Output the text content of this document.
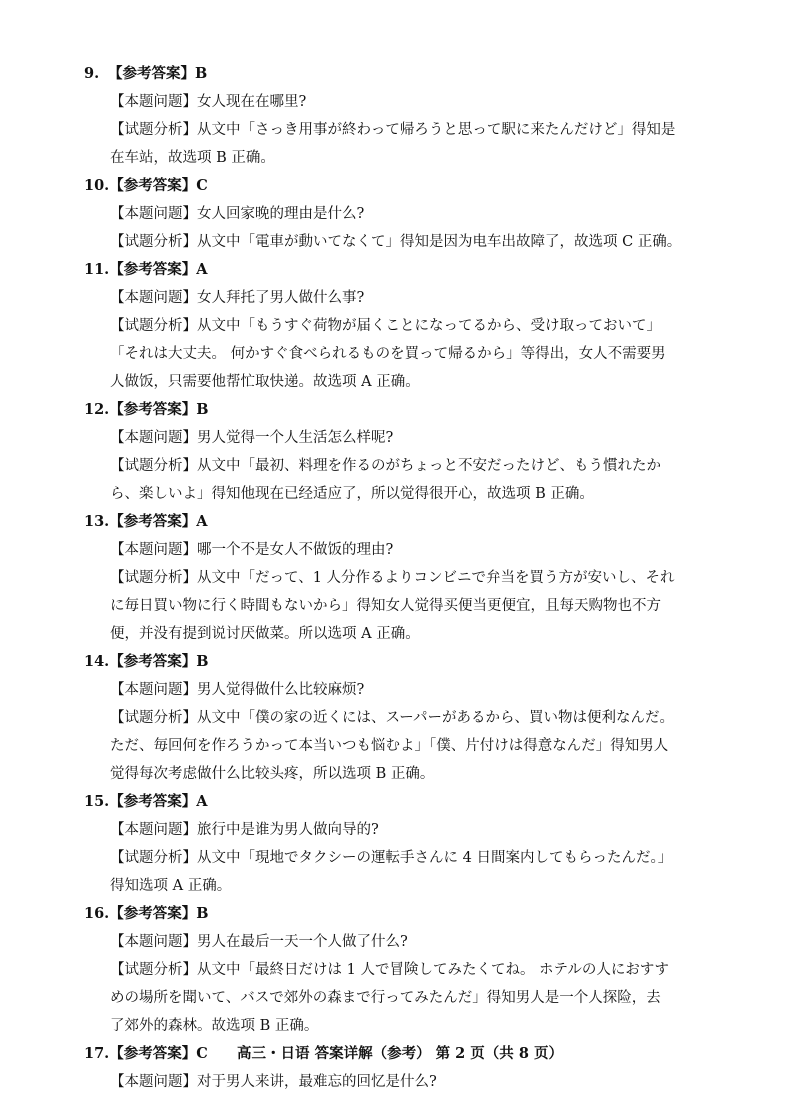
9. 【参考答案】B

【本题问题】女人现在在哪里?

【试题分析】从文中「さっき用事が終わって帰ろうと思って駅に来たんだけど」得知是

在车站，故选项 B 正确。

10.【参考答案】C

【本题问题】女人回家晚的理由是什么?

【试题分析】从文中「電車が動いてなくて」得知是因为电车出故障了，故选项 C 正确。

11.【参考答案】A

【本题问题】女人拜托了男人做什么事?

【试题分析】从文中「もうすぐ荷物が届くことになってるから、受け取っておいて」

「それは大丈夫。 何かすぐ食べられるものを買って帰るから」等得出，女人不需要男

人做饭，只需要他帮忙取快递。故选项 A 正确。

12.【参考答案】B

【本题问题】男人觉得一个人生活怎么样呢?

【试题分析】从文中「最初、料理を作るのがちょっと不安だったけど、もう慣れたか

ら、楽しいよ」得知他现在已经适应了，所以觉得很开心，故选项 B 正确。

13.【参考答案】A

【本题问题】哪一个不是女人不做饭的理由?

【试题分析】从文中「だって、1 人分作るよりコンビニで弁当を買う方が安いし、それ

に毎日買い物に行く時間もないから」得知女人觉得买便当更便宜，且每天购物也不方

便，并没有提到说讨厌做菜。所以选项 A 正确。

14.【参考答案】B

【本题问题】男人觉得做什么比较麻烦?

【试题分析】从文中「僕の家の近くには、スーパーがあるから、買い物は便利なんだ。

ただ、毎回何を作ろうかって本当いつも悩むよ」「僕、片付けは得意なんだ」得知男人

觉得每次考虑做什么比较头疼，所以选项 B 正确。

15.【参考答案】A

【本题问题】旅行中是谁为男人做向导的?

【试题分析】从文中「現地でタクシーの運転手さんに 4 日間案内してもらったんだ。」

得知选项 A 正确。

16.【参考答案】B

【本题问题】男人在最后一天一个人做了什么?

【试题分析】从文中「最終日だけは 1 人で冒険してみたくてね。 ホテルの人におすす

めの場所を聞いて、バスで郊外の森まで行ってみたんだ」得知男人是一个人探险，去

了郊外的森林。故选项 B 正确。

17.【参考答案】C

【本题问题】对于男人来讲，最难忘的回忆是什么?

高三・日语 答案详解（参考） 第 2 页（共 8 页）
